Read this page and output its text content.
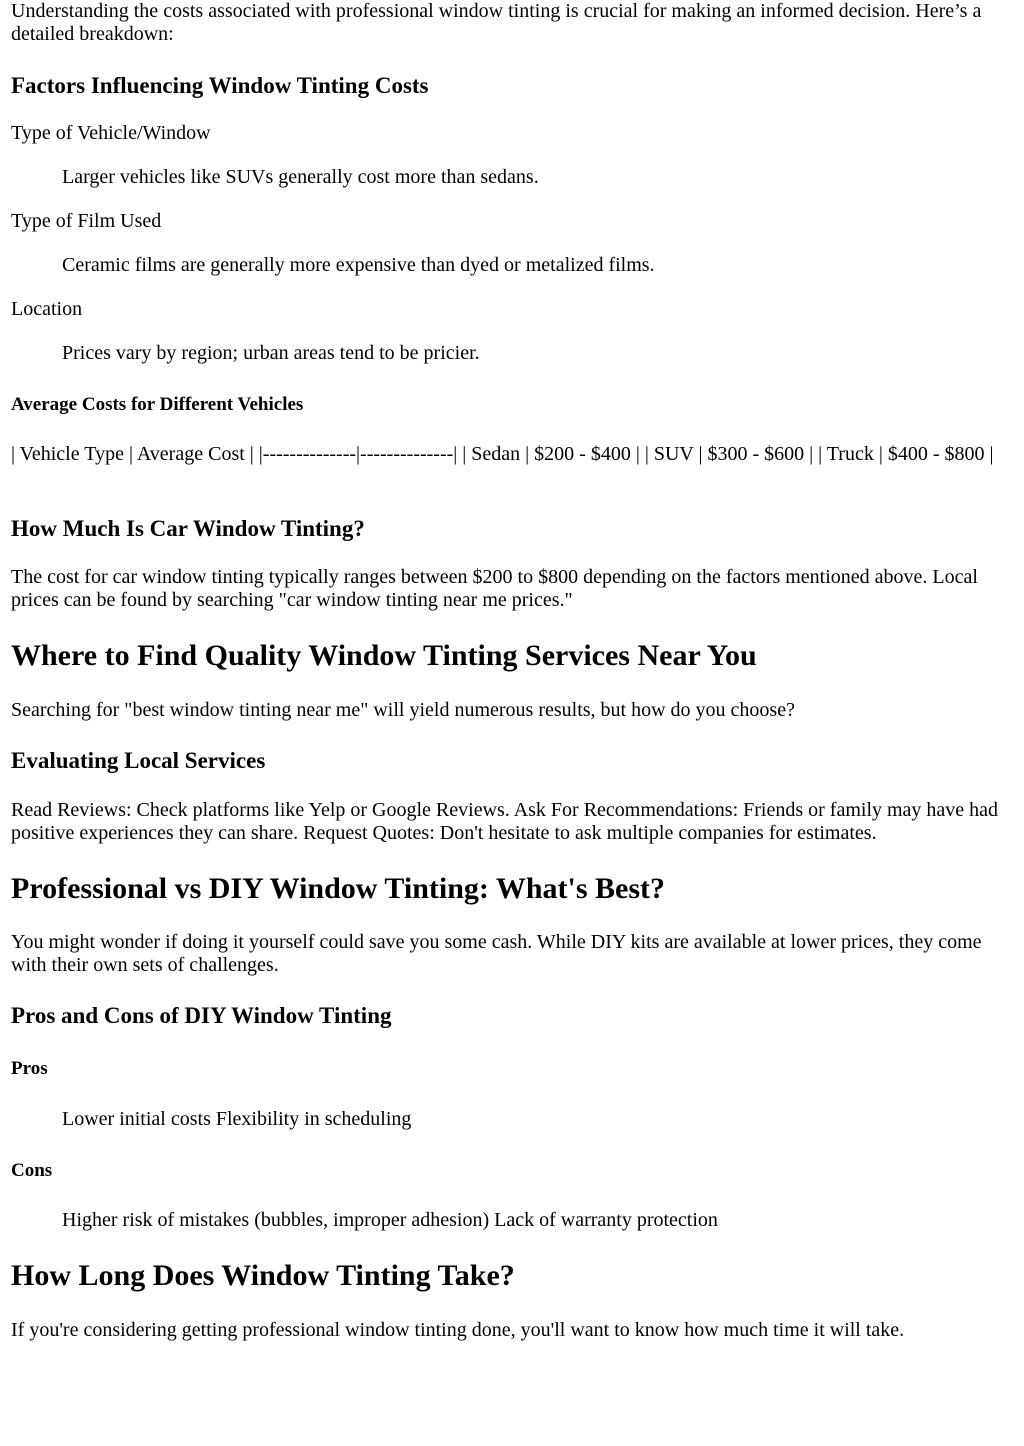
Understanding the costs associated with professional window tinting is crucial for making an informed decision. Here’s a detailed breakdown:

Factors Influencing Window Tinting Costs
Type of Vehicle/Window
Larger vehicles like SUVs generally cost more than sedans.
Type of Film Used
Ceramic films are generally more expensive than dyed or metalized films.
Location
Prices vary by region; urban areas tend to be pricier.
Average Costs for Different Vehicles

| Vehicle Type | Average Cost | |--------------|--------------| | Sedan | $200 - $400 | | SUV | $300 - $600 | | Truck | $400 - $800 |

How Much Is Car Window Tinting?

The cost for car window tinting typically ranges between $200 to $800 depending on the factors mentioned above. Local prices can be found by searching "car window tinting near me prices."

Where to Find Quality Window Tinting Services Near You

Searching for "best window tinting near me" will yield numerous results, but how do you choose?

Evaluating Local Services

Read Reviews: Check platforms like Yelp or Google Reviews. Ask For Recommendations: Friends or family may have had positive experiences they can share. Request Quotes: Don't hesitate to ask multiple companies for estimates.

Professional vs DIY Window Tinting: What's Best?

You might wonder if doing it yourself could save you some cash. While DIY kits are available at lower prices, they come with their own sets of challenges.

Pros and Cons of DIY Window Tinting
Pros
Lower initial costs Flexibility in scheduling
Cons
Higher risk of mistakes (bubbles, improper adhesion) Lack of warranty protection
How Long Does Window Tinting Take?

If you're considering getting professional window tinting done, you'll want to know how much time it will take.
